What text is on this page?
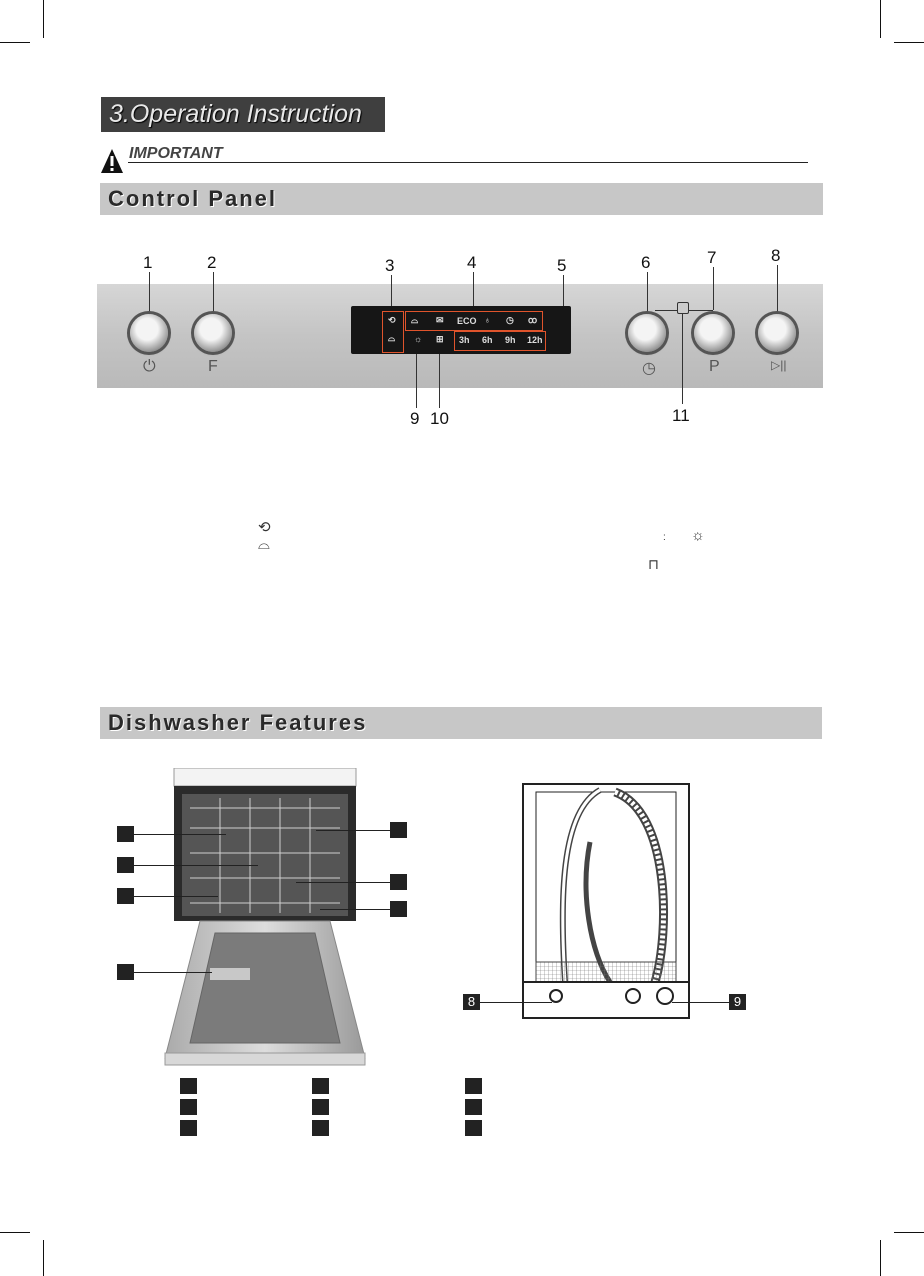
3.Operation Instruction
IMPORTANT
Control Panel
1	2	3	4	5	6	7	8
9 10	11
⏻	F	◷	P	▷||
⟲
⌓
⌓ ✉ ECO ♁ ◷ ꝏ
☼ ⊞ 3h 6h 9h 12h
⟲
⌓	: ☼
⊓
Dishwasher Features
8	9
